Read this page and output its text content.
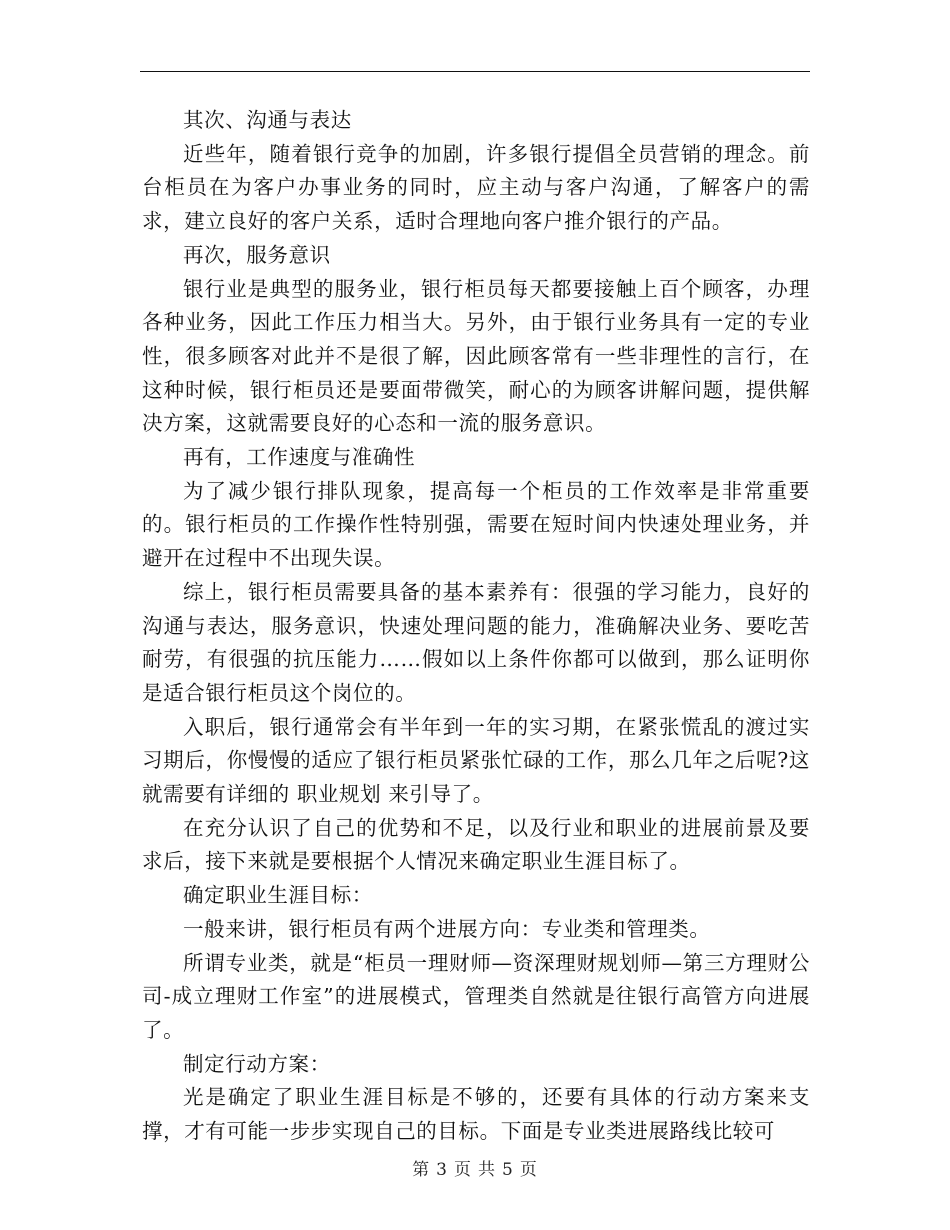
其次、沟通与表达

近些年，随着银行竞争的加剧，许多银行提倡全员营销的理念。前台柜员在为客户办事业务的同时，应主动与客户沟通，了解客户的需求，建立良好的客户关系，适时合理地向客户推介银行的产品。

再次，服务意识

银行业是典型的服务业，银行柜员每天都要接触上百个顾客，办理各种业务，因此工作压力相当大。另外，由于银行业务具有一定的专业性，很多顾客对此并不是很了解，因此顾客常有一些非理性的言行，在这种时候，银行柜员还是要面带微笑，耐心的为顾客讲解问题，提供解决方案，这就需要良好的心态和一流的服务意识。

再有，工作速度与准确性

为了减少银行排队现象，提高每一个柜员的工作效率是非常重要的。银行柜员的工作操作性特别强，需要在短时间内快速处理业务，并避开在过程中不出现失误。

综上，银行柜员需要具备的基本素养有：很强的学习能力，良好的沟通与表达，服务意识，快速处理问题的能力，准确解决业务、要吃苦耐劳，有很强的抗压能力……假如以上条件你都可以做到，那么证明你是适合银行柜员这个岗位的。

入职后，银行通常会有半年到一年的实习期，在紧张慌乱的渡过实习期后，你慢慢的适应了银行柜员紧张忙碌的工作，那么几年之后呢?这就需要有详细的 职业规划 来引导了。

在充分认识了自己的优势和不足，以及行业和职业的进展前景及要求后，接下来就是要根据个人情况来确定职业生涯目标了。

确定职业生涯目标：

一般来讲，银行柜员有两个进展方向：专业类和管理类。

所谓专业类，就是“柜员一理财师—资深理财规划师—第三方理财公司-成立理财工作室”的进展模式，管理类自然就是往银行高管方向进展了。

制定行动方案：

光是确定了职业生涯目标是不够的，还要有具体的行动方案来支撑，才有可能一步步实现自己的目标。下面是专业类进展路线比较可

第 3 页 共 5 页
